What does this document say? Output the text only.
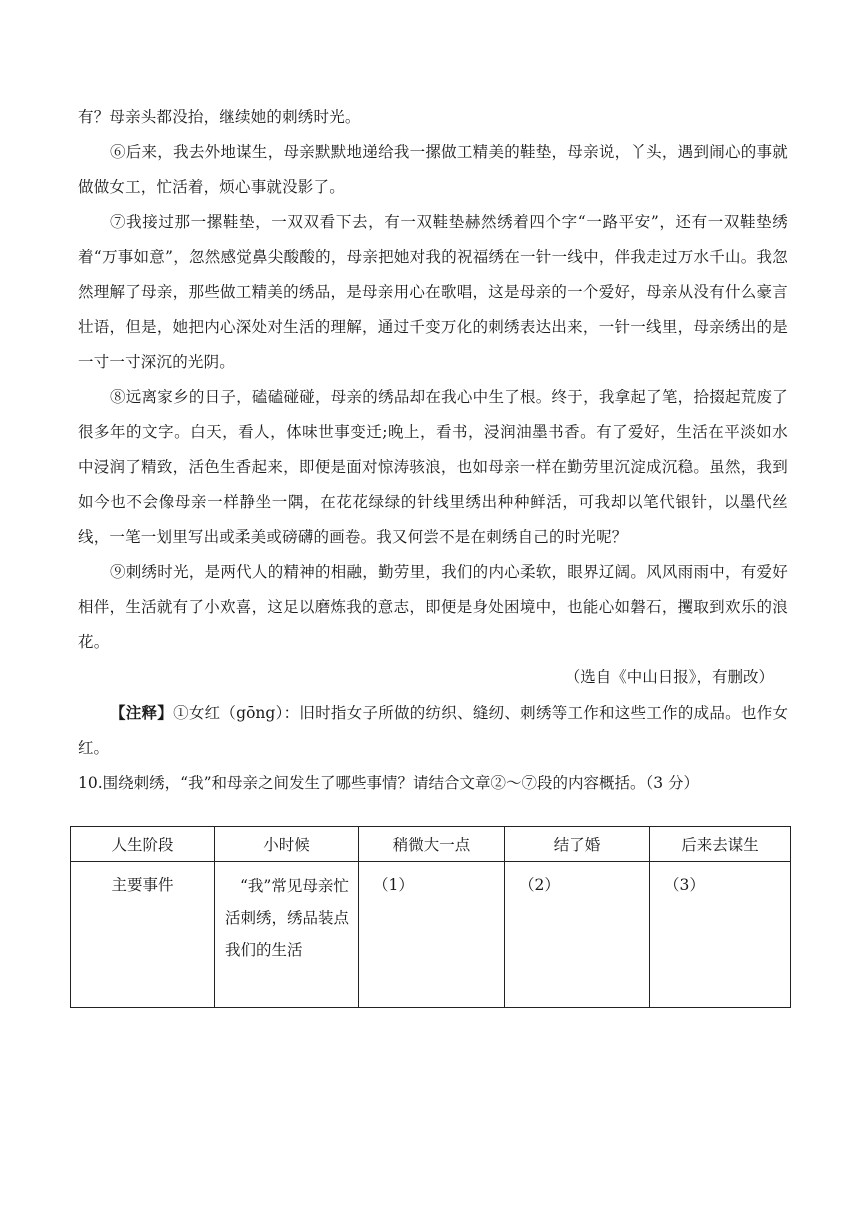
有？母亲头都没抬，继续她的刺绣时光。

⑥后来，我去外地谋生，母亲默默地递给我一摞做工精美的鞋垫，母亲说，丫头，遇到闹心的事就做做女工，忙活着，烦心事就没影了。

⑦我接过那一摞鞋垫，一双双看下去，有一双鞋垫赫然绣着四个字“一路平安”，还有一双鞋垫绣着“万事如意”，忽然感觉鼻尖酸酸的，母亲把她对我的祝福绣在一针一线中，伴我走过万水千山。我忽然理解了母亲，那些做工精美的绣品，是母亲用心在歌唱，这是母亲的一个爱好，母亲从没有什么豪言壮语，但是，她把内心深处对生活的理解，通过千变万化的刺绣表达出来，一针一线里，母亲绣出的是一寸一寸深沉的光阴。

⑧远离家乡的日子，磕磕碰碰，母亲的绣品却在我心中生了根。终于，我拿起了笔，拾掇起荒废了很多年的文字。白天，看人，体味世事变迁;晚上，看书，浸润油墨书香。有了爱好，生活在平淡如水中浸润了精致，活色生香起来，即便是面对惊涛骇浪，也如母亲一样在勤劳里沉淀成沉稳。虽然，我到如今也不会像母亲一样静坐一隅，在花花绿绿的针线里绣出种种鲜活，可我却以笔代银针，以墨代丝线，一笔一划里写出或柔美或磅礴的画卷。我又何尝不是在刺绣自己的时光呢？

⑨刺绣时光，是两代人的精神的相融，勤劳里，我们的内心柔软，眼界辽阔。风风雨雨中，有爱好相伴，生活就有了小欢喜，这足以磨炼我的意志，即便是身处困境中，也能心如磐石，攫取到欢乐的浪花。

（选自《中山日报》，有删改）

【注释】①女红（gōng）：旧时指女子所做的纺织、缝纫、刺绣等工作和这些工作的成品。也作女红。

10.围绕刺绣，“我”和母亲之间发生了哪些事情？请结合文章②～⑦段的内容概括。（3 分）

人生阶段	小时候	稍微大一点	结了婚	后来去谋生
主要事件	“我”常见母亲忙活刺绣，绣品装点我们的生活	（1）	（2）	（3）
